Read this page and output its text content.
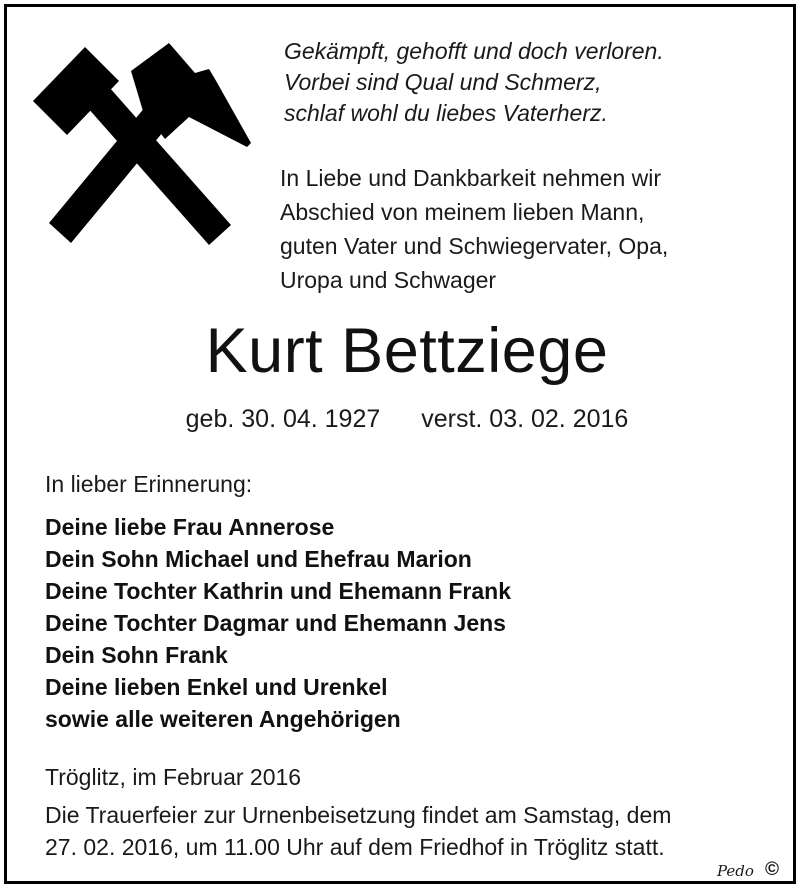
Gekämpft, gehofft und doch verloren.
Vorbei sind Qual und Schmerz,
schlaf wohl du liebes Vaterherz.
In Liebe und Dankbarkeit nehmen wir
Abschied von meinem lieben Mann,
guten Vater und Schwiegervater, Opa,
Uropa und Schwager
Kurt Bettziege
geb. 30. 04. 1927 verst. 03. 02. 2016
In lieber Erinnerung:
Deine liebe Frau Annerose
Dein Sohn Michael und Ehefrau Marion
Deine Tochter Kathrin und Ehemann Frank
Deine Tochter Dagmar und Ehemann Jens
Dein Sohn Frank
Deine lieben Enkel und Urenkel
sowie alle weiteren Angehörigen
Tröglitz, im Februar 2016
Die Trauerfeier zur Urnenbeisetzung findet am Samstag, dem
27. 02. 2016, um 11.00 Uhr auf dem Friedhof in Tröglitz statt.
Pedo ©
